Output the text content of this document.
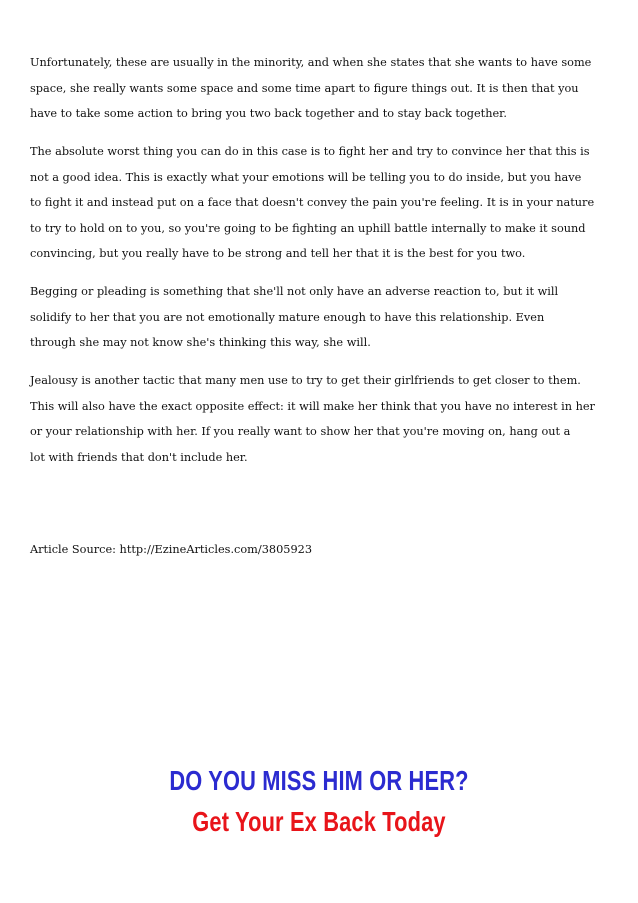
Unfortunately, these are usually in the minority, and when she states that she wants to have some
space, she really wants some space and some time apart to figure things out. It is then that you
have to take some action to bring you two back together and to stay back together.

The absolute worst thing you can do in this case is to fight her and try to convince her that this is
not a good idea. This is exactly what your emotions will be telling you to do inside, but you have
to fight it and instead put on a face that doesn't convey the pain you're feeling. It is in your nature
to try to hold on to you, so you're going to be fighting an uphill battle internally to make it sound
convincing, but you really have to be strong and tell her that it is the best for you two.

Begging or pleading is something that she'll not only have an adverse reaction to, but it will
solidify to her that you are not emotionally mature enough to have this relationship. Even
through she may not know she's thinking this way, she will.

Jealousy is another tactic that many men use to try to get their girlfriends to get closer to them.
This will also have the exact opposite effect: it will make her think that you have no interest in her
or your relationship with her. If you really want to show her that you're moving on, hang out a
lot with friends that don't include her.

Article Source: http://EzineArticles.com/3805923
DO YOU MISS HIM OR HER?
Get Your Ex Back Today
